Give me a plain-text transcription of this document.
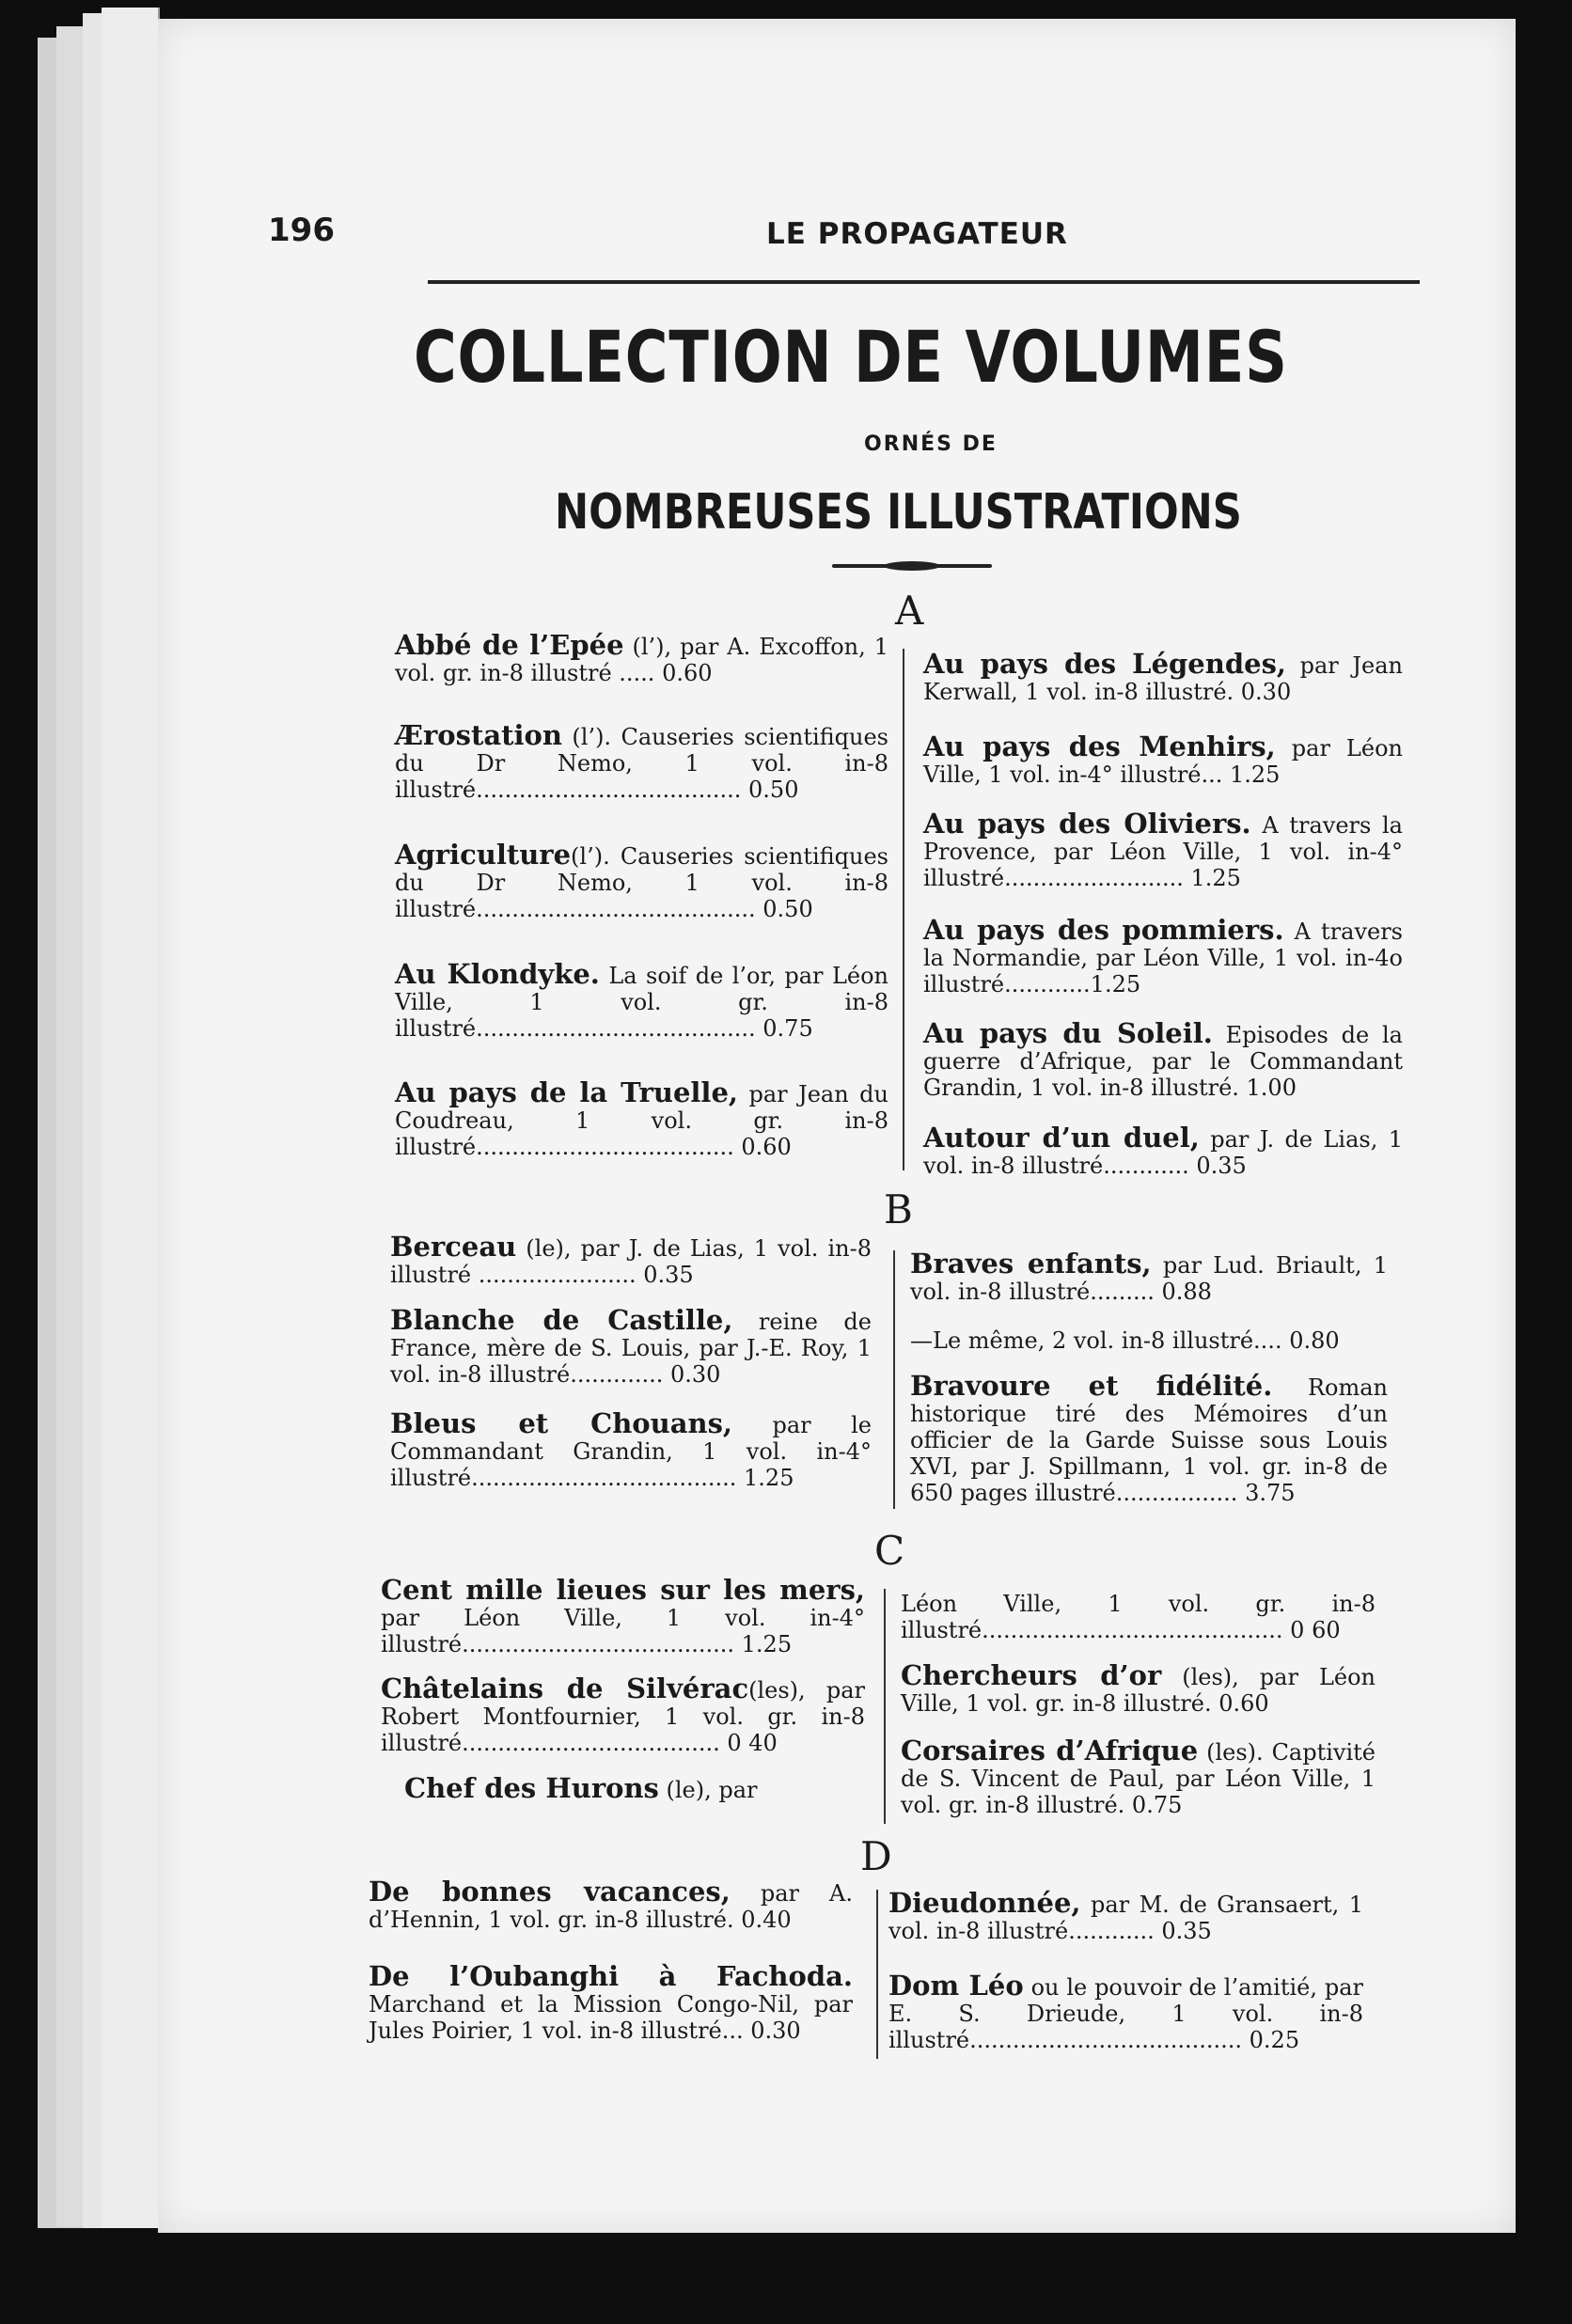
196	LE PROPAGATEUR
COLLECTION DE VOLUMES
ORNÉS DE
NOMBREUSES ILLUSTRATIONS
A
B
C
D
Abbé de l’Epée (l’), par A. Excoffon, 1 vol. gr. in-8 illustré ..... 0.60
Ærostation (l’). Causeries scientifiques du Dr Nemo, 1 vol. in-8 illustré..................................... 0.50
Agriculture(l’). Causeries scientifiques du Dr Nemo, 1 vol. in-8 illustré....................................... 0.50
Au Klondyke. La soif de l’or, par Léon Ville, 1 vol. gr. in-8 illustré....................................... 0.75
Au pays de la Truelle, par Jean du Coudreau, 1 vol. gr. in-8 illustré.................................... 0.60
Au pays des Légendes, par Jean Kerwall, 1 vol. in-8 illustré. 0.30
Au pays des Menhirs, par Léon Ville, 1 vol. in-4° illustré... 1.25
Au pays des Oliviers. A travers la Provence, par Léon Ville, 1 vol. in-4° illustré......................... 1.25
Au pays des pommiers. A travers la Normandie, par Léon Ville, 1 vol. in-4o illustré............1.25
Au pays du Soleil. Episodes de la guerre d’Afrique, par le Commandant Grandin, 1 vol. in-8 illustré. 1.00
Autour d’un duel, par J. de Lias, 1 vol. in-8 illustré............ 0.35
Berceau (le), par J. de Lias, 1 vol. in-8 illustré ...................... 0.35
Blanche de Castille, reine de France, mère de S. Louis, par J.-E. Roy, 1 vol. in-8 illustré............. 0.30
Bleus et Chouans, par le Commandant Grandin, 1 vol. in-4° illustré..................................... 1.25
Braves enfants, par Lud. Briault, 1 vol. in-8 illustré......... 0.88
—Le même, 2 vol. in-8 illustré.... 0.80
Bravoure et fidélité. Roman historique tiré des Mémoires d’un officier de la Garde Suisse sous Louis XVI, par J. Spillmann, 1 vol. gr. in-8 de 650 pages illustré................. 3.75
Cent mille lieues sur les mers, par Léon Ville, 1 vol. in-4° illustré...................................... 1.25
Châtelains de Silvérac(les), par Robert Montfournier, 1 vol. gr. in-8 illustré.................................... 0 40
Chef des Hurons (le), par
Léon Ville, 1 vol. gr. in-8 illustré.......................................... 0 60
Chercheurs d’or (les), par Léon Ville, 1 vol. gr. in-8 illustré. 0.60
Corsaires d’Afrique (les). Captivité de S. Vincent de Paul, par Léon Ville, 1 vol. gr. in-8 illustré. 0.75
De bonnes vacances, par A. d’Hennin, 1 vol. gr. in-8 illustré. 0.40
De l’Oubanghi à Fachoda. Marchand et la Mission Congo-Nil, par Jules Poirier, 1 vol. in-8 illustré... 0.30
Dieudonnée, par M. de Gransaert, 1 vol. in-8 illustré............ 0.35
Dom Léo ou le pouvoir de l’amitié, par E. S. Drieude, 1 vol. in-8 illustré...................................... 0.25
